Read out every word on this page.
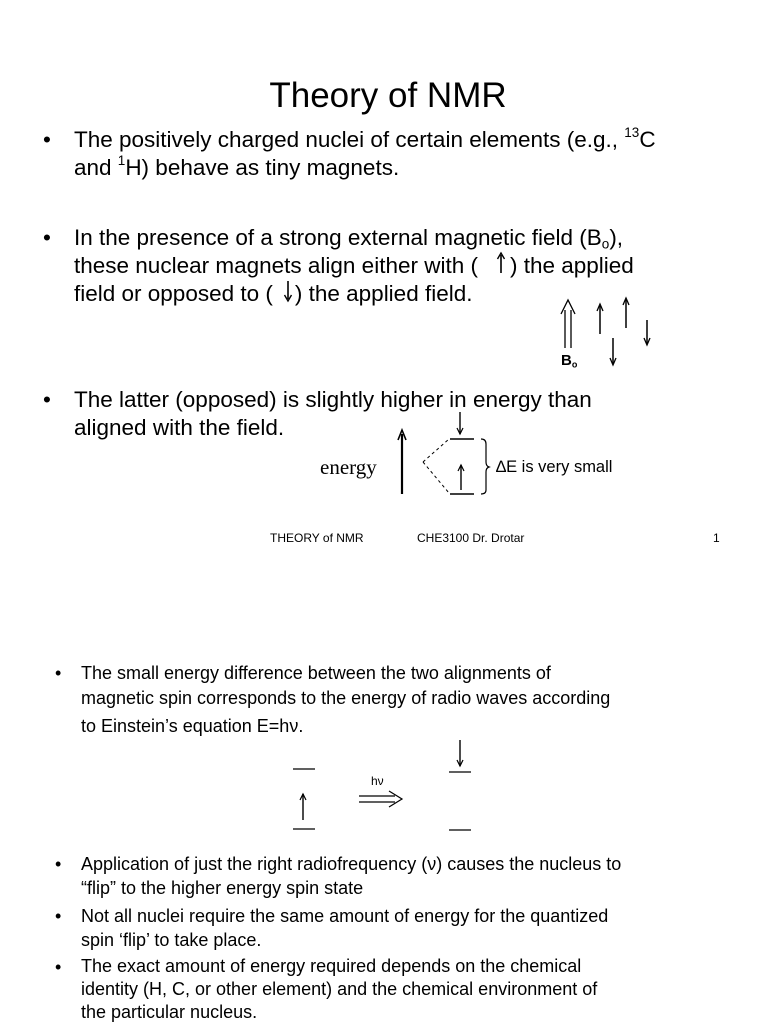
Theory of NMR
•	The positively charged nuclei of certain elements (e.g., $^{13}$C
and $^1$H) behave as tiny magnets.
•	In the presence of a strong external magnetic field $(B_o)$,
these nuclear magnets align either with ( ) the applied
field or opposed to ( ) the applied field.
$B_o$
•	The latter (opposed) is slightly higher in energy than
aligned with the field.
energy	∆E is very small
THEORY of NMR	CHE3100 Dr. Drotar	1
•	The small energy difference between the two alignments of
magnetic spin corresponds to the energy of radio waves according
to Einstein’s equation E=hν.
hν
•	Application of just the right radiofrequency (ν) causes the nucleus to
“flip” to the higher energy spin state
•	Not all nuclei require the same amount of energy for the quantized
spin ‘flip’ to take place.
•	The exact amount of energy required depends on the chemical
identity (H, C, or other element) and the chemical environment of
the particular nucleus.
